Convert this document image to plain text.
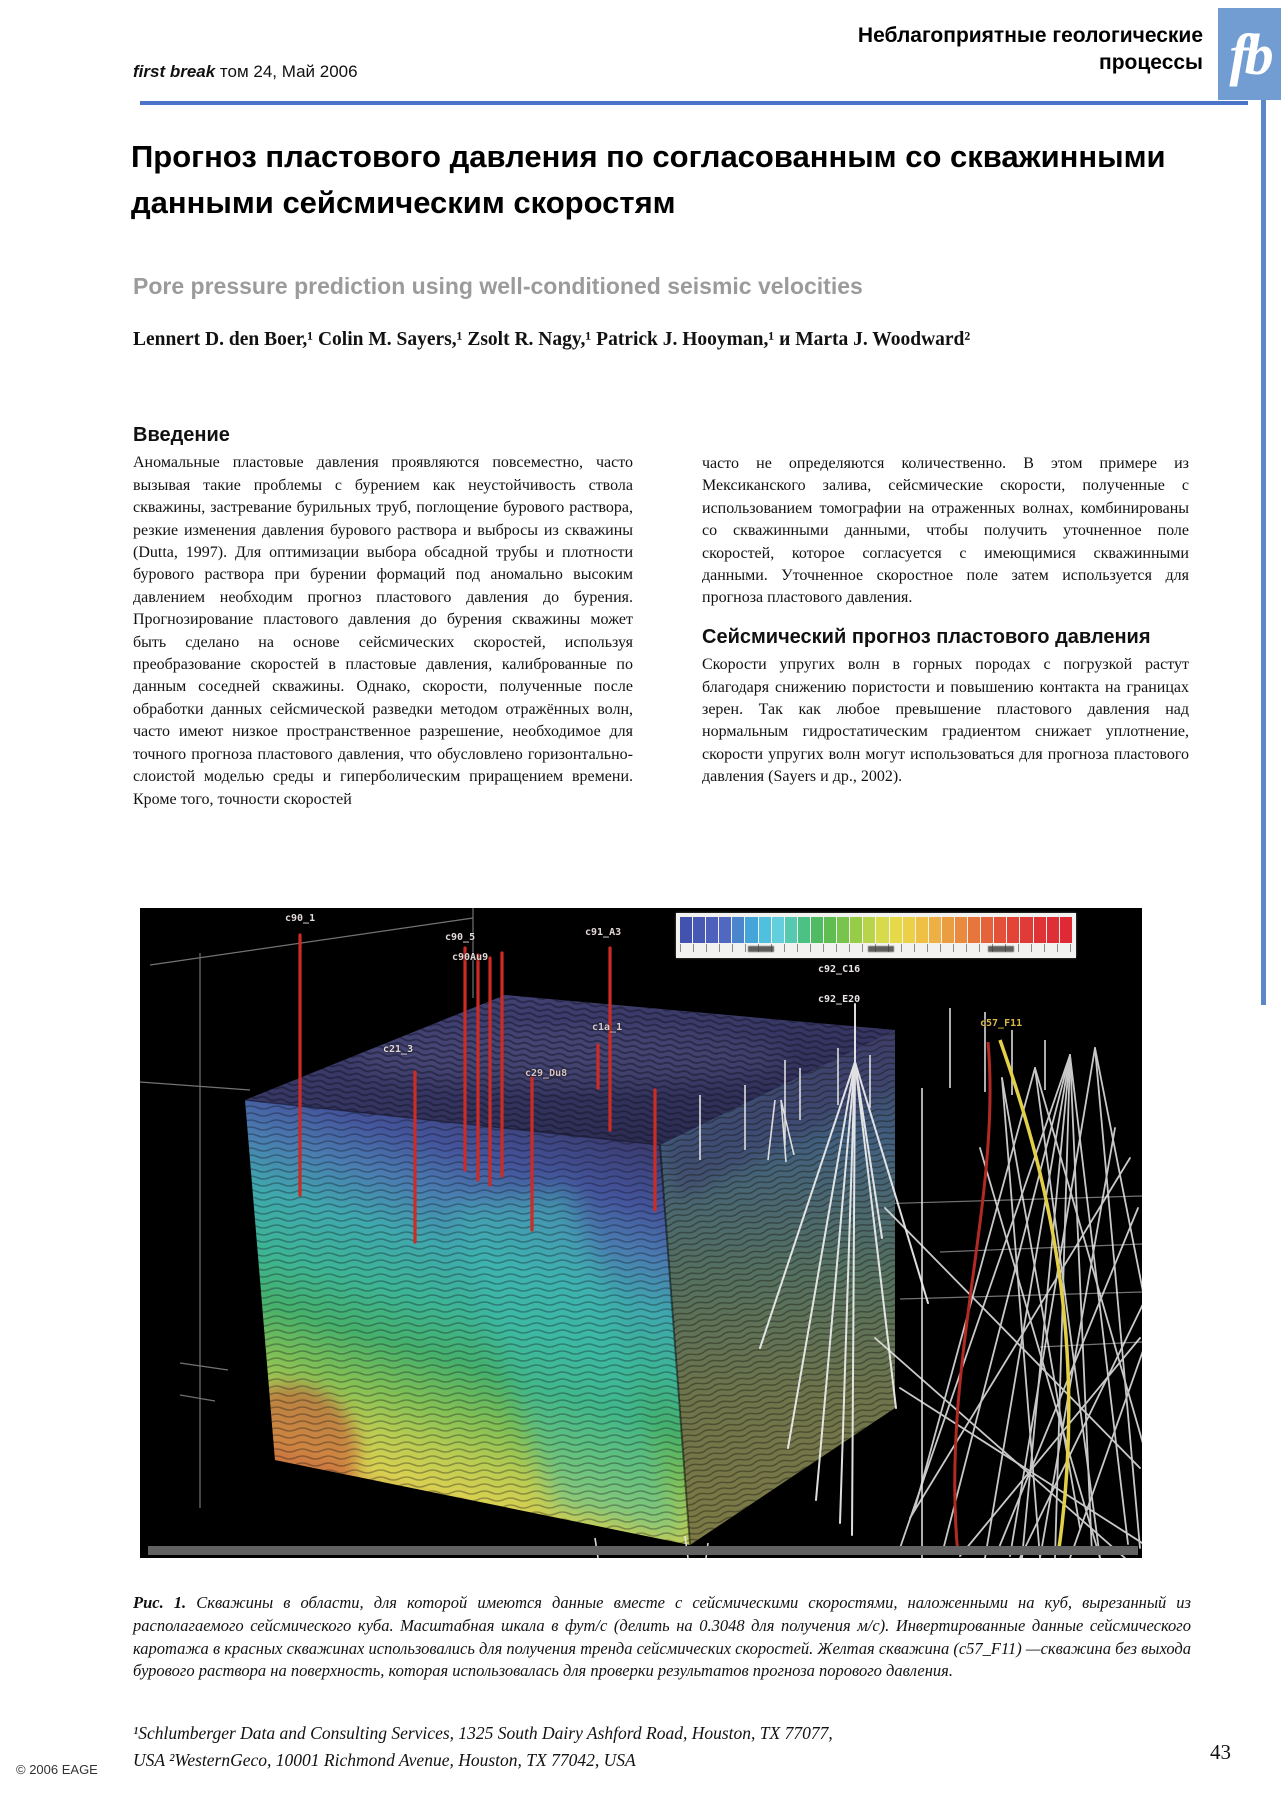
first break том 24, Май 2006
Неблагоприятные геологические
процессы fb
Прогноз пластового давления по согласованным со скважинными данными сейсмическим скоростям
Pore pressure prediction using well-conditioned seismic velocities
Lennert D. den Boer,¹ Colin M. Sayers,¹ Zsolt R. Nagy,¹ Patrick J. Hooyman,¹ и Marta J. Woodward²
Введение

Аномальные пластовые давления проявляются повсеместно, часто вызывая такие проблемы с бурением как неустойчивость ствола скважины, застревание бурильных труб, поглощение бурового раствора, резкие изменения давления бурового раствора и выбросы из скважины (Dutta, 1997). Для оптимизации выбора обсадной трубы и плотности бурового раствора при бурении формаций под аномально высоким давлением необходим прогноз пластового давления до бурения. Прогнозирование пластового давления до бурения скважины может быть сделано на основе сейсмических скоростей, используя преобразование скоростей в пластовые давления, калиброванные по данным соседней скважины. Однако, скорости, полученные после обработки данных сейсмической разведки методом отражённых волн, часто имеют низкое пространственное разрешение, необходимое для точного прогноза пластового давления, что обусловлено горизонтально-слоистой моделью среды и гиперболическим приращением времени. Кроме того, точности скоростей

часто не определяются количественно. В этом примере из Мексиканского залива, сейсмические скорости, полученные с использованием томографии на отраженных волнах, комбинированы со скважинными данными, чтобы получить уточненное поле скоростей, которое согласуется с имеющимися скважинными данными. Уточненное скоростное поле затем используется для прогноза пластового давления.

Сейсмический прогноз пластового давления

Скорости упругих волн в горных породах с погрузкой растут благодаря снижению пористости и повышению контакта на границах зерен. Так как любое превышение пластового давления над нормальным гидростатическим градиентом снижает уплотнение, скорости упругих волн могут использоваться для прогноза пластового давления (Sayers и др., 2002).

c90_1
c90_5
c90Au9
c91_A3
c1a_1
c21_3
c29_Du8
c92_C16
c92_E20
c57_F11

Рис. 1. Скважины в области, для которой имеются данные вместе с сейсмическими скоростями, наложенными на куб, вырезанный из располагаемого сейсмического куба. Масштабная шкала в фут/с (делить на 0.3048 для получения м/с). Инвертированные данные сейсмического каротажа в красных скважинах использовались для получения тренда сейсмических скоростей. Желтая скважина (c57_F11) —скважина без выхода бурового раствора на поверхность, которая использовалась для проверки результатов прогноза порового давления.

¹Schlumberger Data and Consulting Services, 1325 South Dairy Ashford Road, Houston, TX 77077, USA ²WesternGeco, 10001 Richmond Avenue, Houston, TX 77042, USA

© 2006 EAGE
43
